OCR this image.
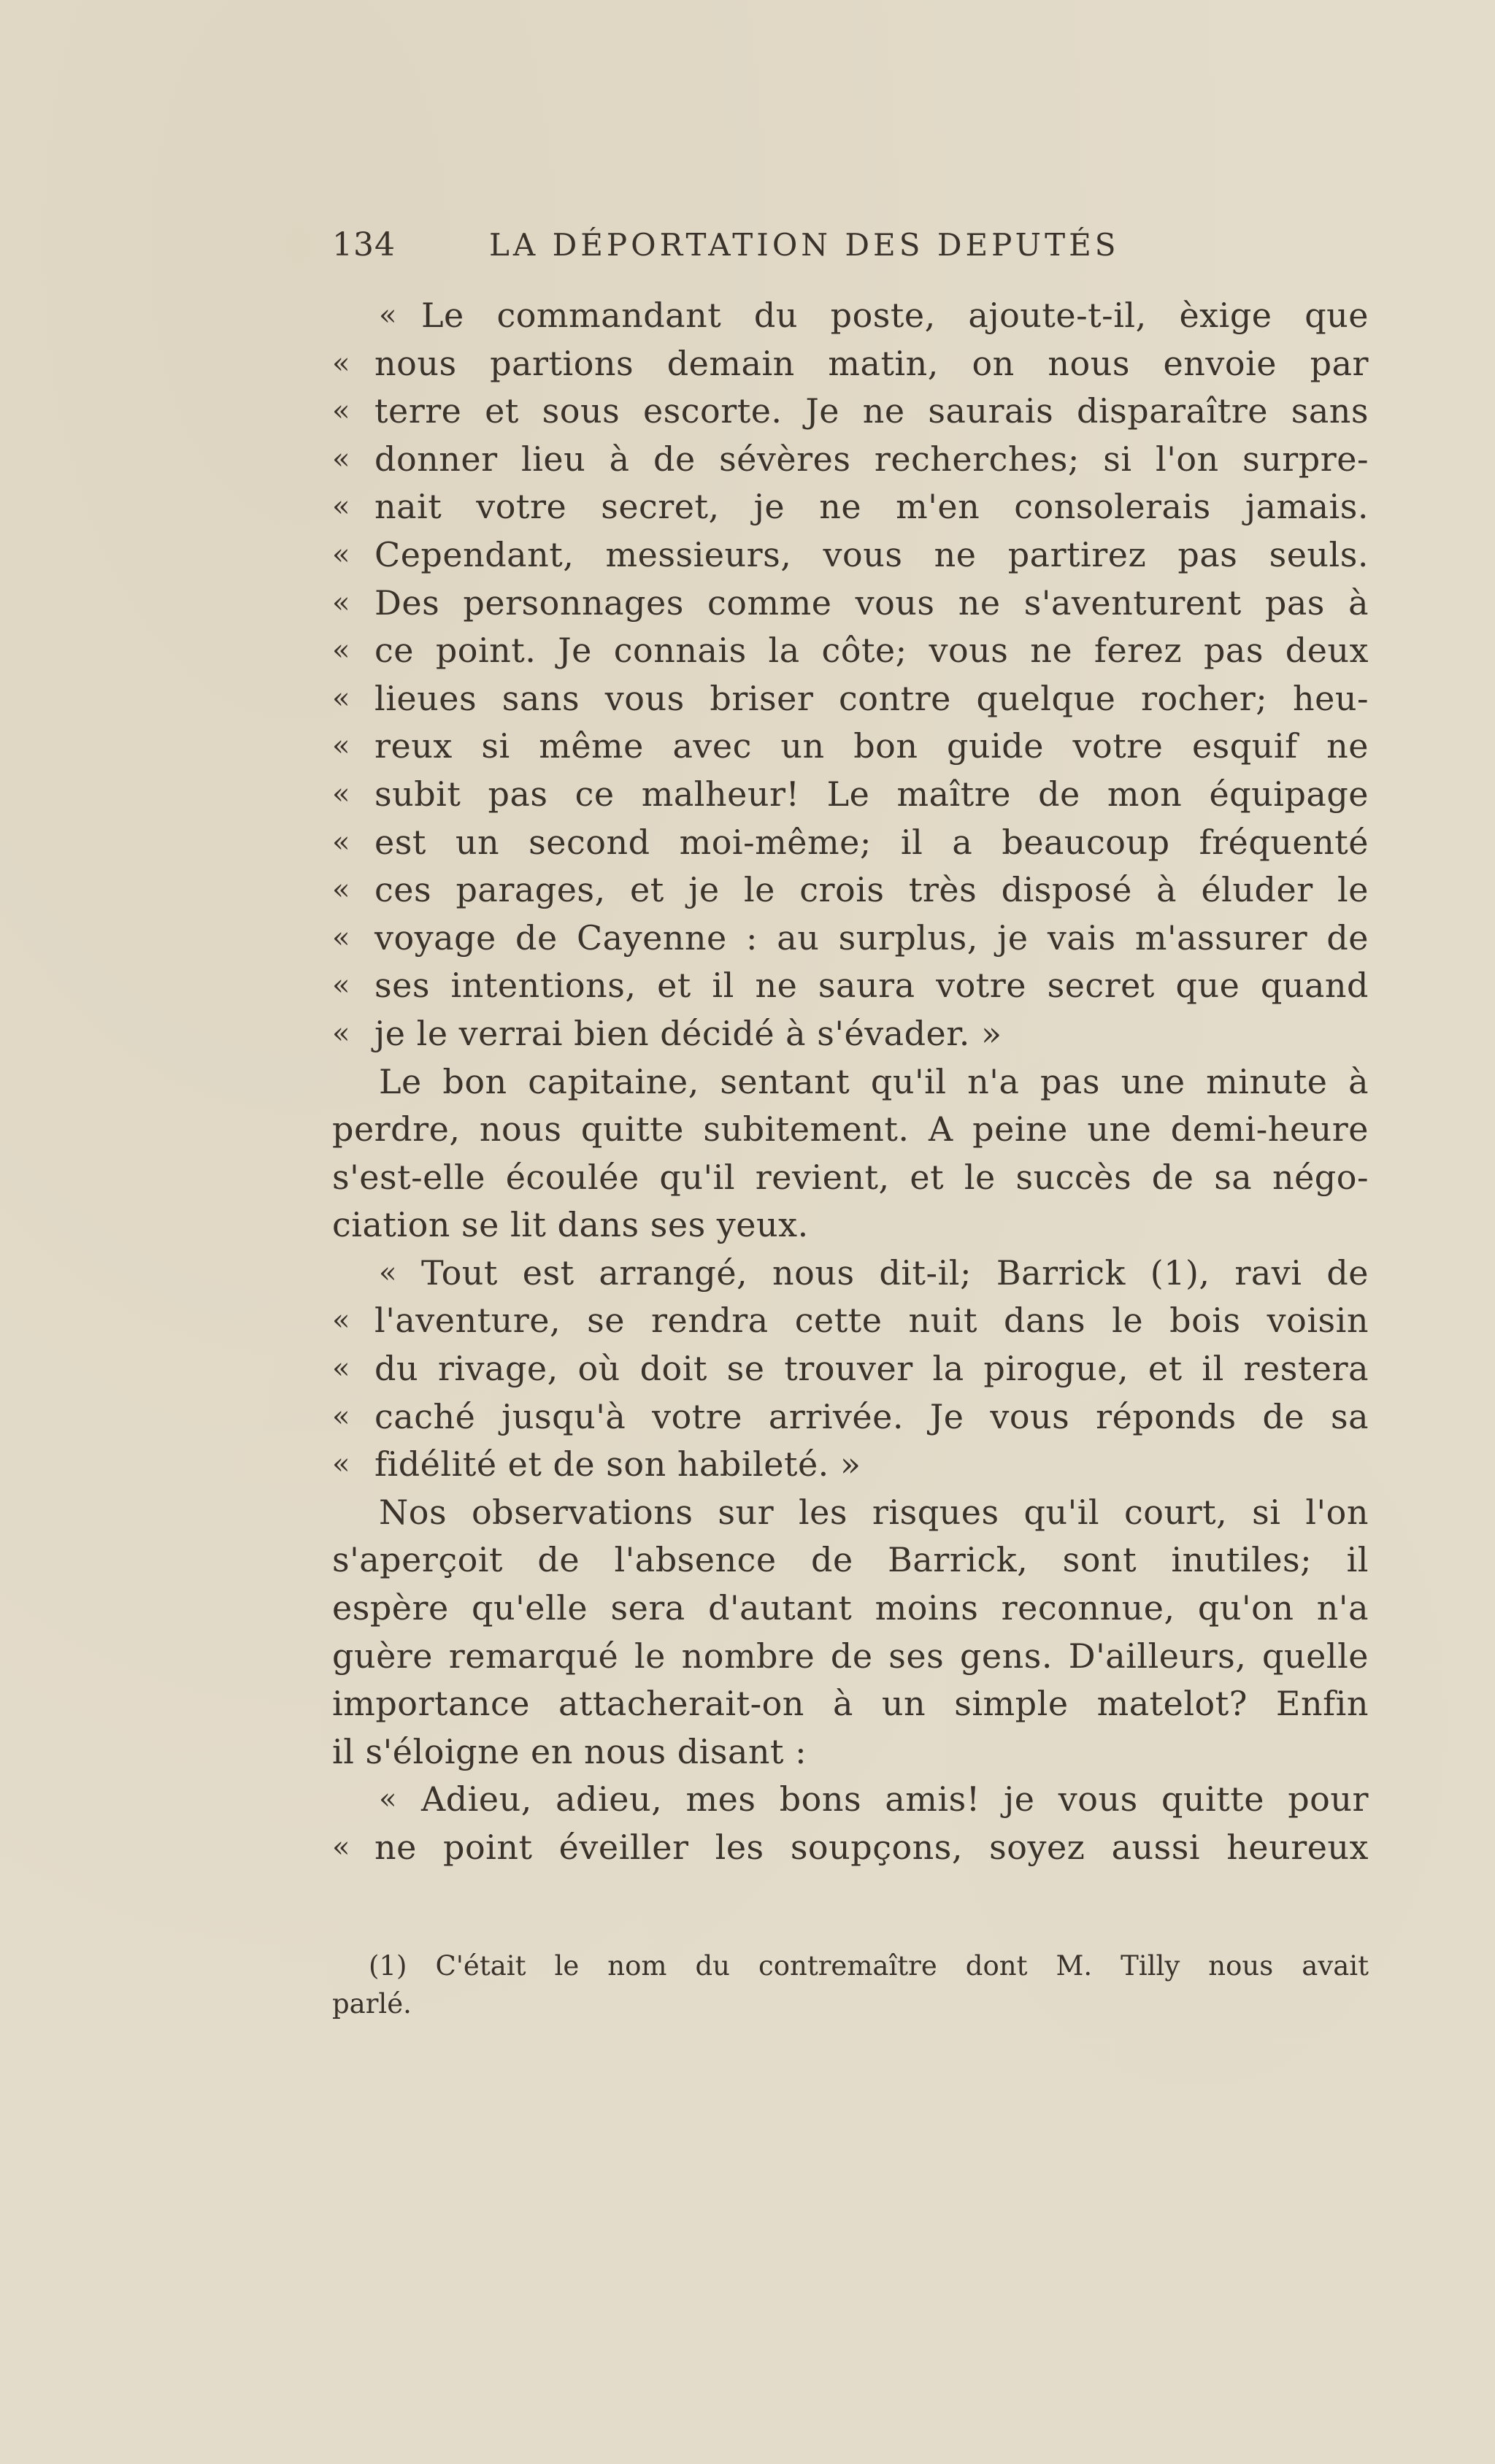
134	LA DÉPORTATION DES DEPUTÉS
« Le commandant du poste, ajoute-t-il, èxige que
« nous partions demain matin, on nous envoie par
« terre et sous escorte. Je ne saurais disparaître sans
« donner lieu à de sévères recherches; si l'on surpre-
« nait votre secret, je ne m'en consolerais jamais.
« Cependant, messieurs, vous ne partirez pas seuls.
« Des personnages comme vous ne s'aventurent pas à
« ce point. Je connais la côte; vous ne ferez pas deux
« lieues sans vous briser contre quelque rocher; heu-
« reux si même avec un bon guide votre esquif ne
« subit pas ce malheur! Le maître de mon équipage
« est un second moi-même; il a beaucoup fréquenté
« ces parages, et je le crois très disposé à éluder le
« voyage de Cayenne : au surplus, je vais m'assurer de
« ses intentions, et il ne saura votre secret que quand
« je le verrai bien décidé à s'évader. »
Le bon capitaine, sentant qu'il n'a pas une minute à
perdre, nous quitte subitement. A peine une demi-heure
s'est-elle écoulée qu'il revient, et le succès de sa négo-
ciation se lit dans ses yeux.
« Tout est arrangé, nous dit-il; Barrick (1), ravi de
« l'aventure, se rendra cette nuit dans le bois voisin
« du rivage, où doit se trouver la pirogue, et il restera
« caché jusqu'à votre arrivée. Je vous réponds de sa
« fidélité et de son habileté. »
Nos observations sur les risques qu'il court, si l'on
s'aperçoit de l'absence de Barrick, sont inutiles; il
espère qu'elle sera d'autant moins reconnue, qu'on n'a
guère remarqué le nombre de ses gens. D'ailleurs, quelle
importance attacherait-on à un simple matelot? Enfin
il s'éloigne en nous disant :
« Adieu, adieu, mes bons amis! je vous quitte pour
« ne point éveiller les soupçons, soyez aussi heureux
(1) C'était le nom du contremaître dont M. Tilly nous avait
parlé.
